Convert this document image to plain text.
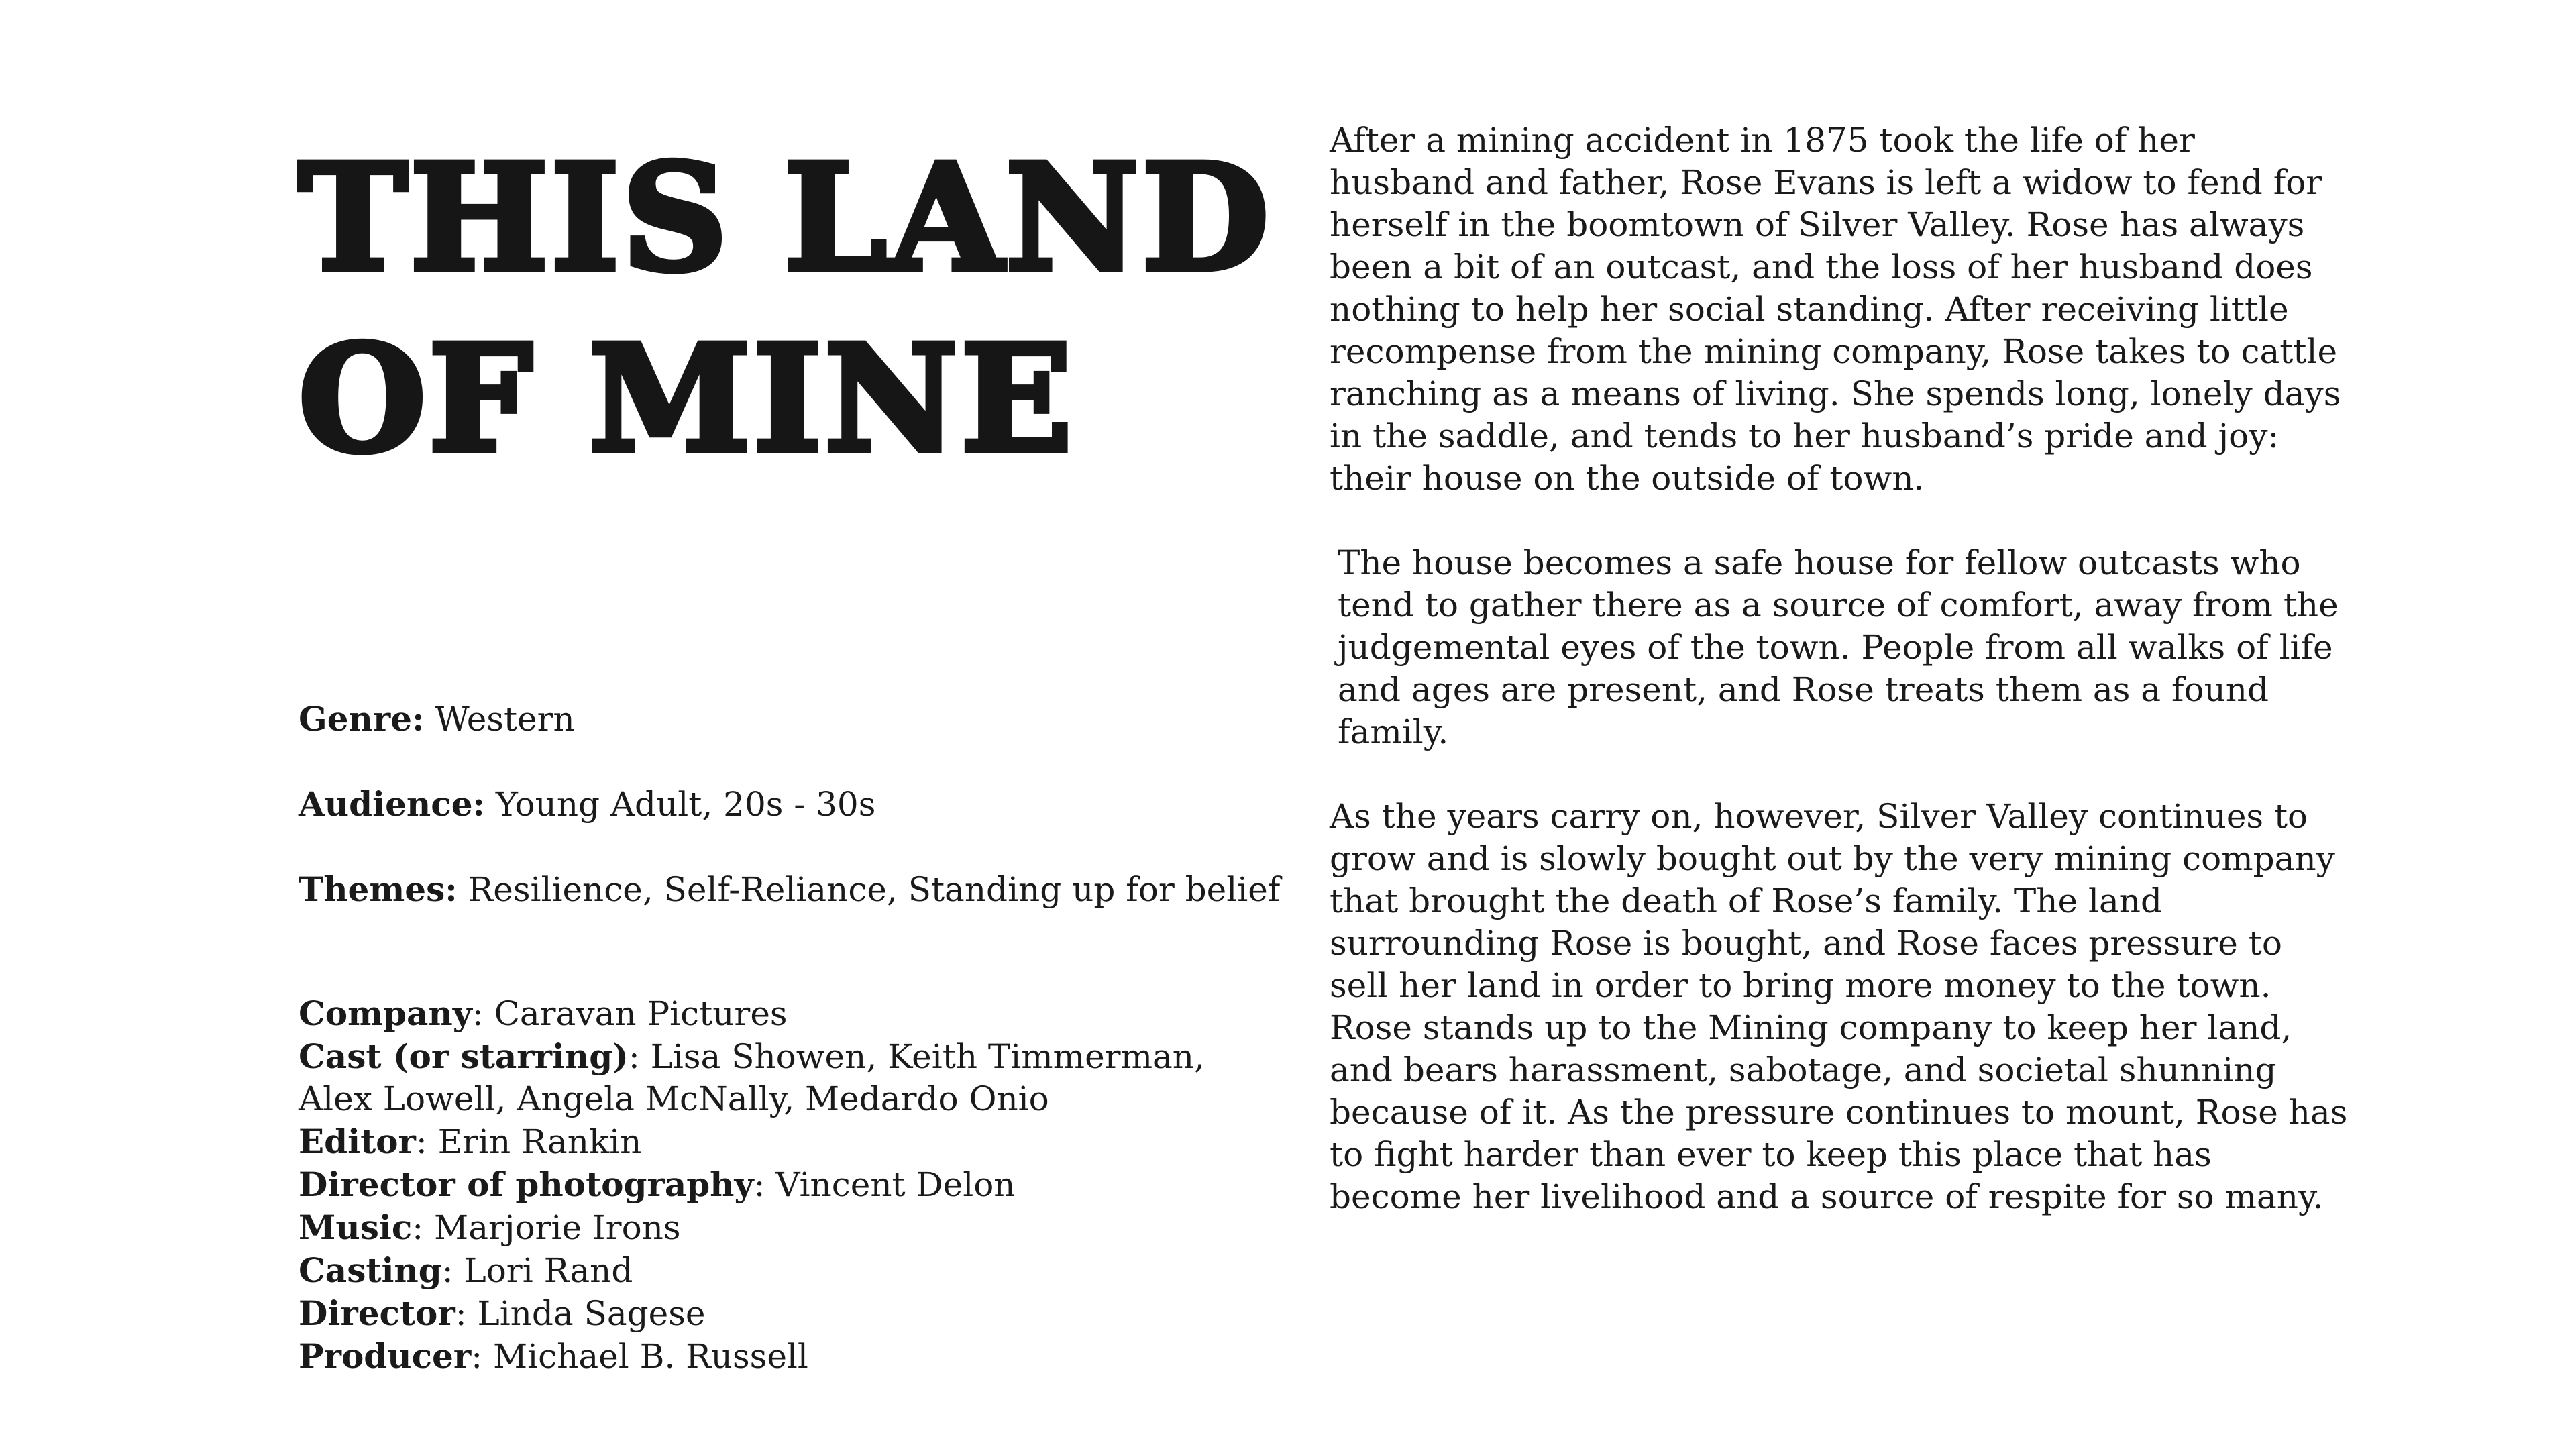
THIS LAND
OF MINE
Genre: Western
Audience: Young Adult, 20s - 30s
Themes: Resilience, Self-Reliance, Standing up for belief
Company: Caravan Pictures
Cast (or starring): Lisa Showen, Keith Timmerman,
Alex Lowell, Angela McNally, Medardo Onio
Editor: Erin Rankin
Director of photography: Vincent Delon
Music: Marjorie Irons
Casting: Lori Rand
Director: Linda Sagese
Producer: Michael B. Russell

After a mining accident in 1875 took the life of her husband and father, Rose Evans is left a widow to fend for herself in the boomtown of Silver Valley. Rose has always been a bit of an outcast, and the loss of her husband does nothing to help her social standing. After receiving little recompense from the mining company, Rose takes to cattle ranching as a means of living. She spends long, lonely days in the saddle, and tends to her husband’s pride and joy: their house on the outside of town.

The house becomes a safe house for fellow outcasts who tend to gather there as a source of comfort, away from the judgemental eyes of the town. People from all walks of life and ages are present, and Rose treats them as a found family.

As the years carry on, however, Silver Valley continues to grow and is slowly bought out by the very mining company that brought the death of Rose’s family. The land surrounding Rose is bought, and Rose faces pressure to sell her land in order to bring more money to the town. Rose stands up to the Mining company to keep her land, and bears harassment, sabotage, and societal shunning because of it. As the pressure continues to mount, Rose has to fight harder than ever to keep this place that has become her livelihood and a source of respite for so many.
